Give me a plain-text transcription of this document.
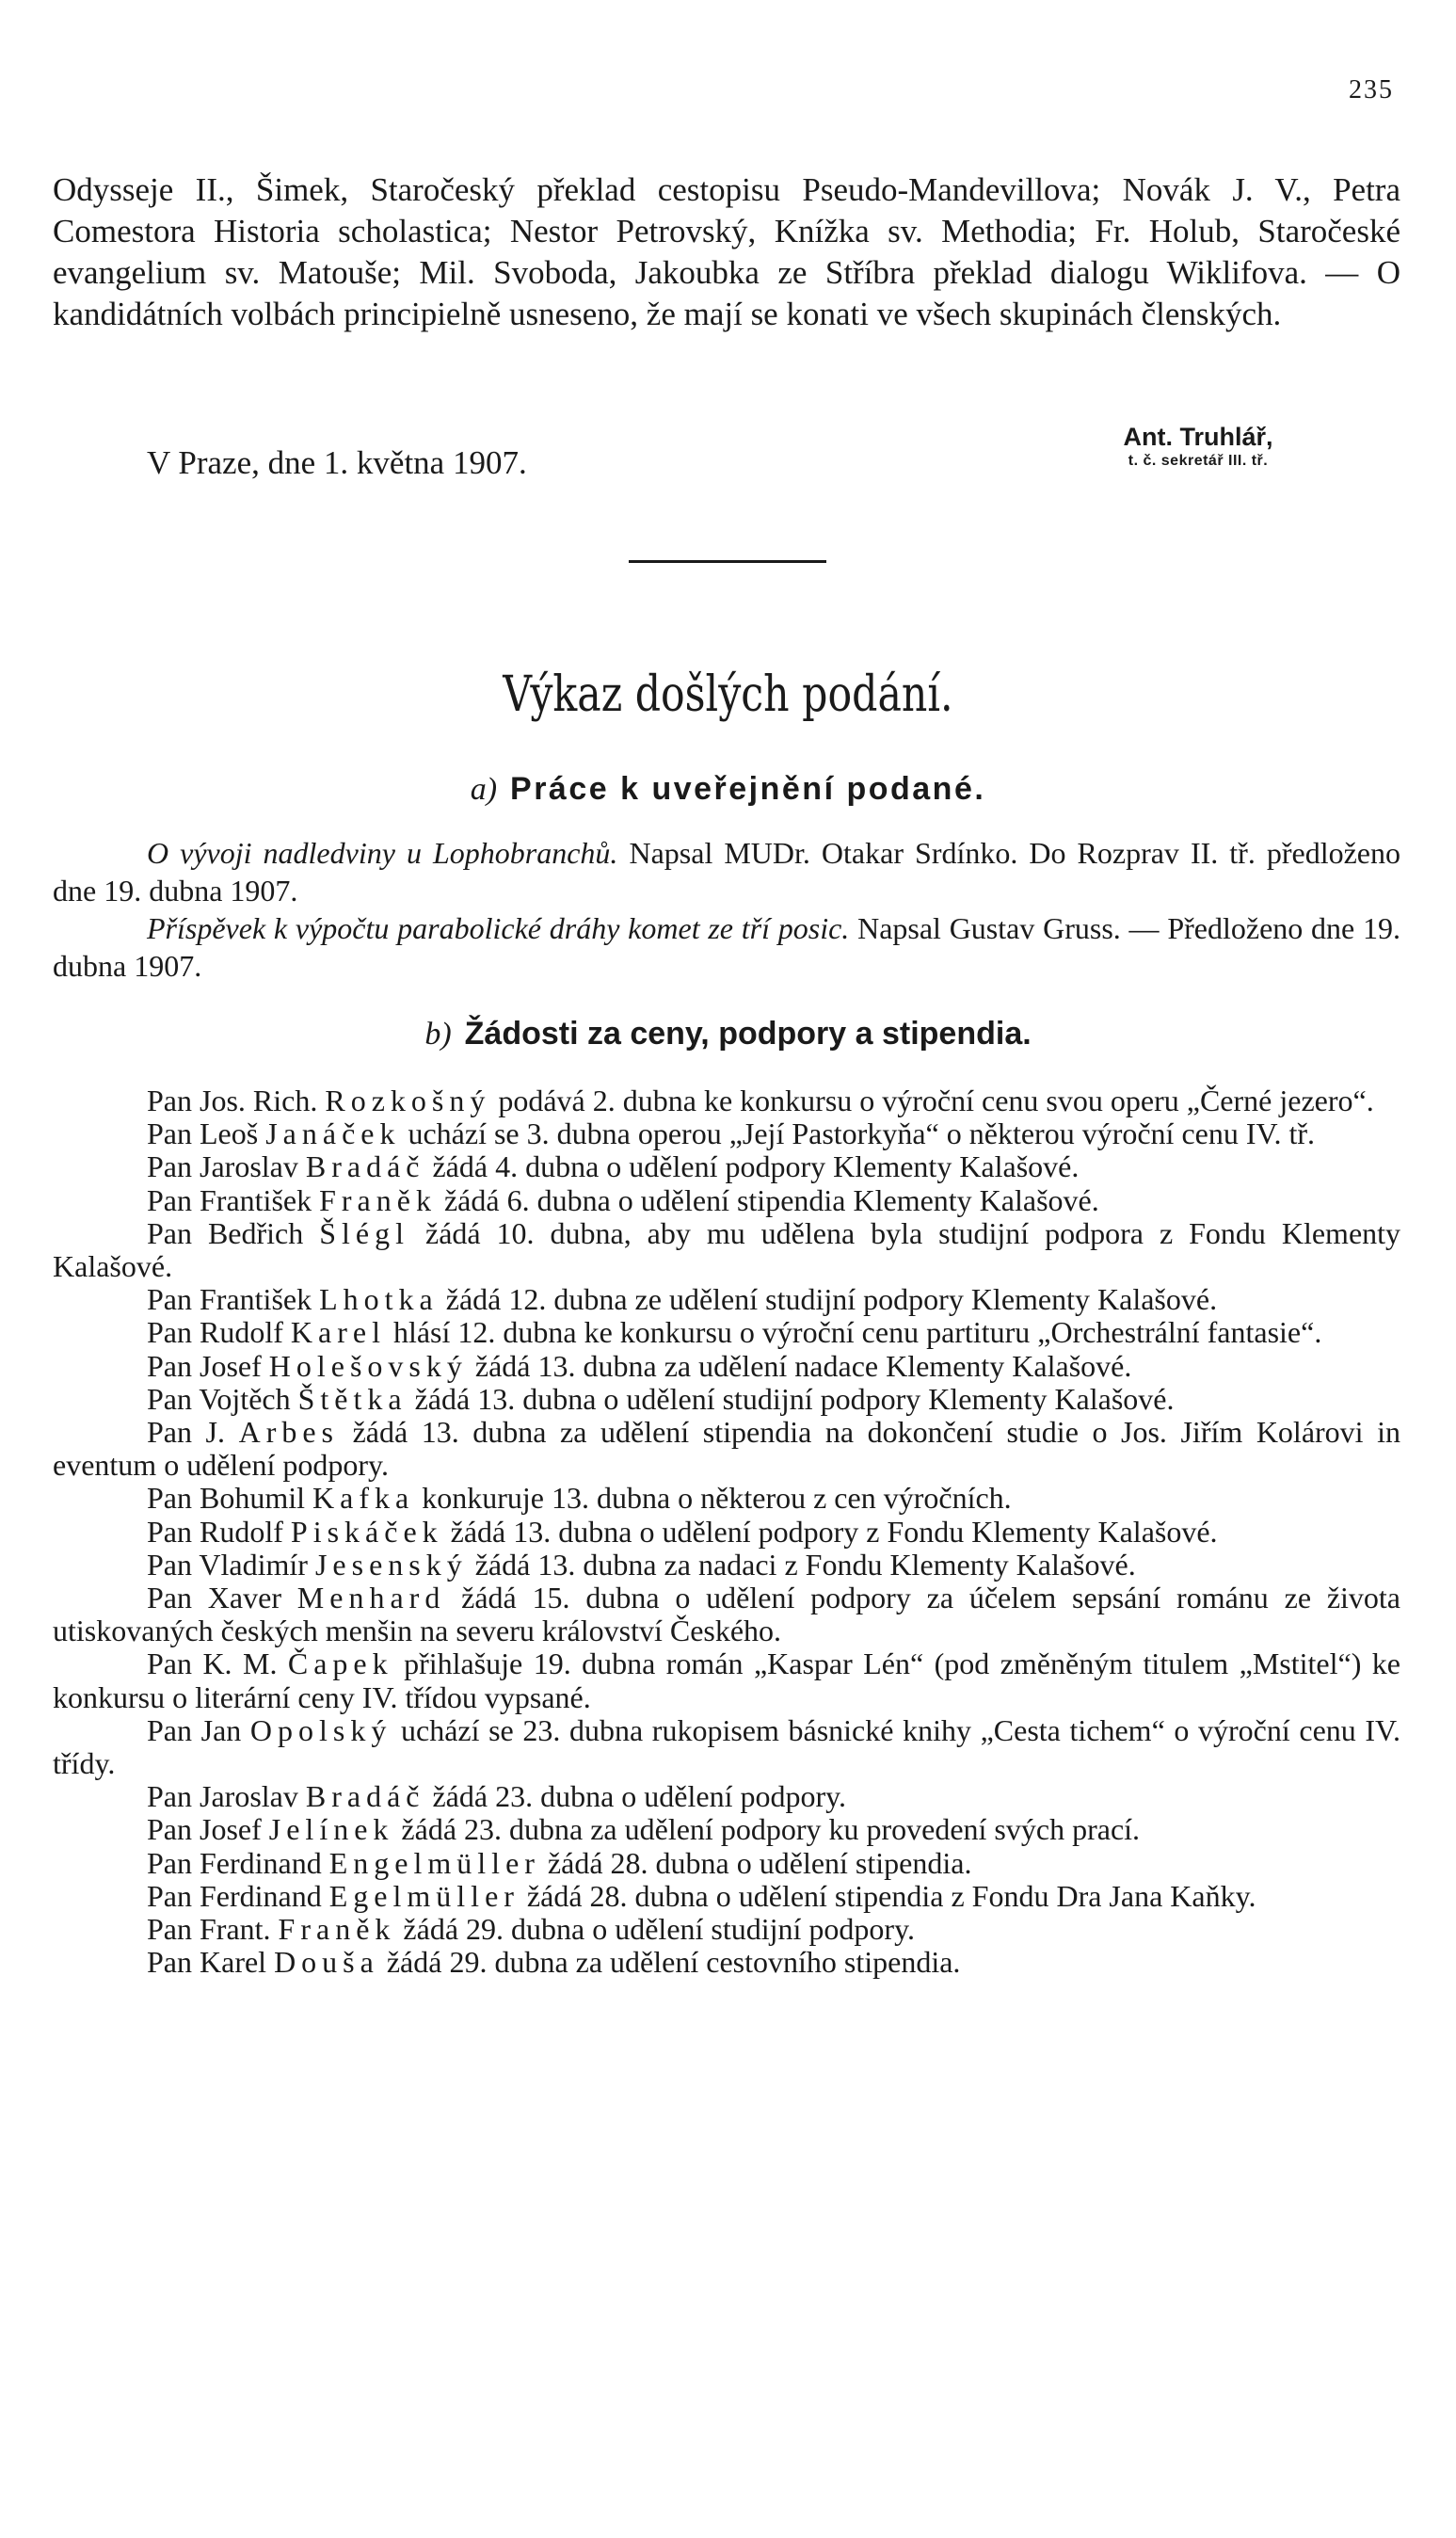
235

Odysseje II., Šimek, Staročeský překlad cestopisu Pseudo-Mandevillova; Novák J. V., Petra Comestora Historia scholastica; Nestor Petrovský, Knížka sv. Methodia; Fr. Holub, Staročeské evangelium sv. Matouše; Mil. Svoboda, Jakoubka ze Stříbra překlad dialogu Wiklifova. — O kandidátních volbách principielně usneseno, že mají se konati ve všech skupinách členských.

V Praze, dne 1. května 1907.
Ant. Truhlář,
t. č. sekretář III. tř.
Výkaz došlých podání.
a) Práce k uveřejnění podané.

O vývoji nadledviny u Lophobranchů. Napsal MUDr. Otakar Srdínko. Do Rozprav II. tř. předloženo dne 19. dubna 1907.

Příspěvek k výpočtu parabolické dráhy komet ze tří posic. Napsal Gustav Gruss. — Předloženo dne 19. dubna 1907.

b) Žádosti za ceny, podpory a stipendia.

Pan Jos. Rich. Rozkošný podává 2. dubna ke konkursu o výroční cenu svou operu „Černé jezero“.

Pan Leoš Janáček uchází se 3. dubna operou „Její Pastorkyňa“ o některou výroční cenu IV. tř.

Pan Jaroslav Bradáč žádá 4. dubna o udělení podpory Klementy Kalašové.

Pan František Franěk žádá 6. dubna o udělení stipendia Klementy Kalašové.

Pan Bedřich Šlégl žádá 10. dubna, aby mu udělena byla studijní podpora z Fondu Klementy Kalašové.

Pan František Lhotka žádá 12. dubna ze udělení studijní podpory Klementy Kalašové.

Pan Rudolf Karel hlásí 12. dubna ke konkursu o výroční cenu partituru „Orchestrální fantasie“.

Pan Josef Holešovský žádá 13. dubna za udělení nadace Klementy Kalašové.

Pan Vojtěch Štětka žádá 13. dubna o udělení studijní podpory Klementy Kalašové.

Pan J. Arbes žádá 13. dubna za udělení stipendia na dokončení studie o Jos. Jiřím Kolárovi in eventum o udělení podpory.

Pan Bohumil Kafka konkuruje 13. dubna o některou z cen výročních.

Pan Rudolf Piskáček žádá 13. dubna o udělení podpory z Fondu Klementy Kalašové.

Pan Vladimír Jesenský žádá 13. dubna za nadaci z Fondu Klementy Kalašové.

Pan Xaver Menhard žádá 15. dubna o udělení podpory za účelem sepsání románu ze života utiskovaných českých menšin na severu království Českého.

Pan K. M. Čapek přihlašuje 19. dubna román „Kaspar Lén“ (pod změněným titulem „Mstitel“) ke konkursu o literární ceny IV. třídou vypsané.

Pan Jan Opolský uchází se 23. dubna rukopisem básnické knihy „Cesta tichem“ o výroční cenu IV. třídy.

Pan Jaroslav Bradáč žádá 23. dubna o udělení podpory.

Pan Josef Jelínek žádá 23. dubna za udělení podpory ku provedení svých prací.

Pan Ferdinand Engelmüller žádá 28. dubna o udělení stipendia.

Pan Ferdinand Egelmüller žádá 28. dubna o udělení stipendia z Fondu Dra Jana Kaňky.

Pan Frant. Franěk žádá 29. dubna o udělení studijní podpory.

Pan Karel Douša žádá 29. dubna za udělení cestovního stipendia.
